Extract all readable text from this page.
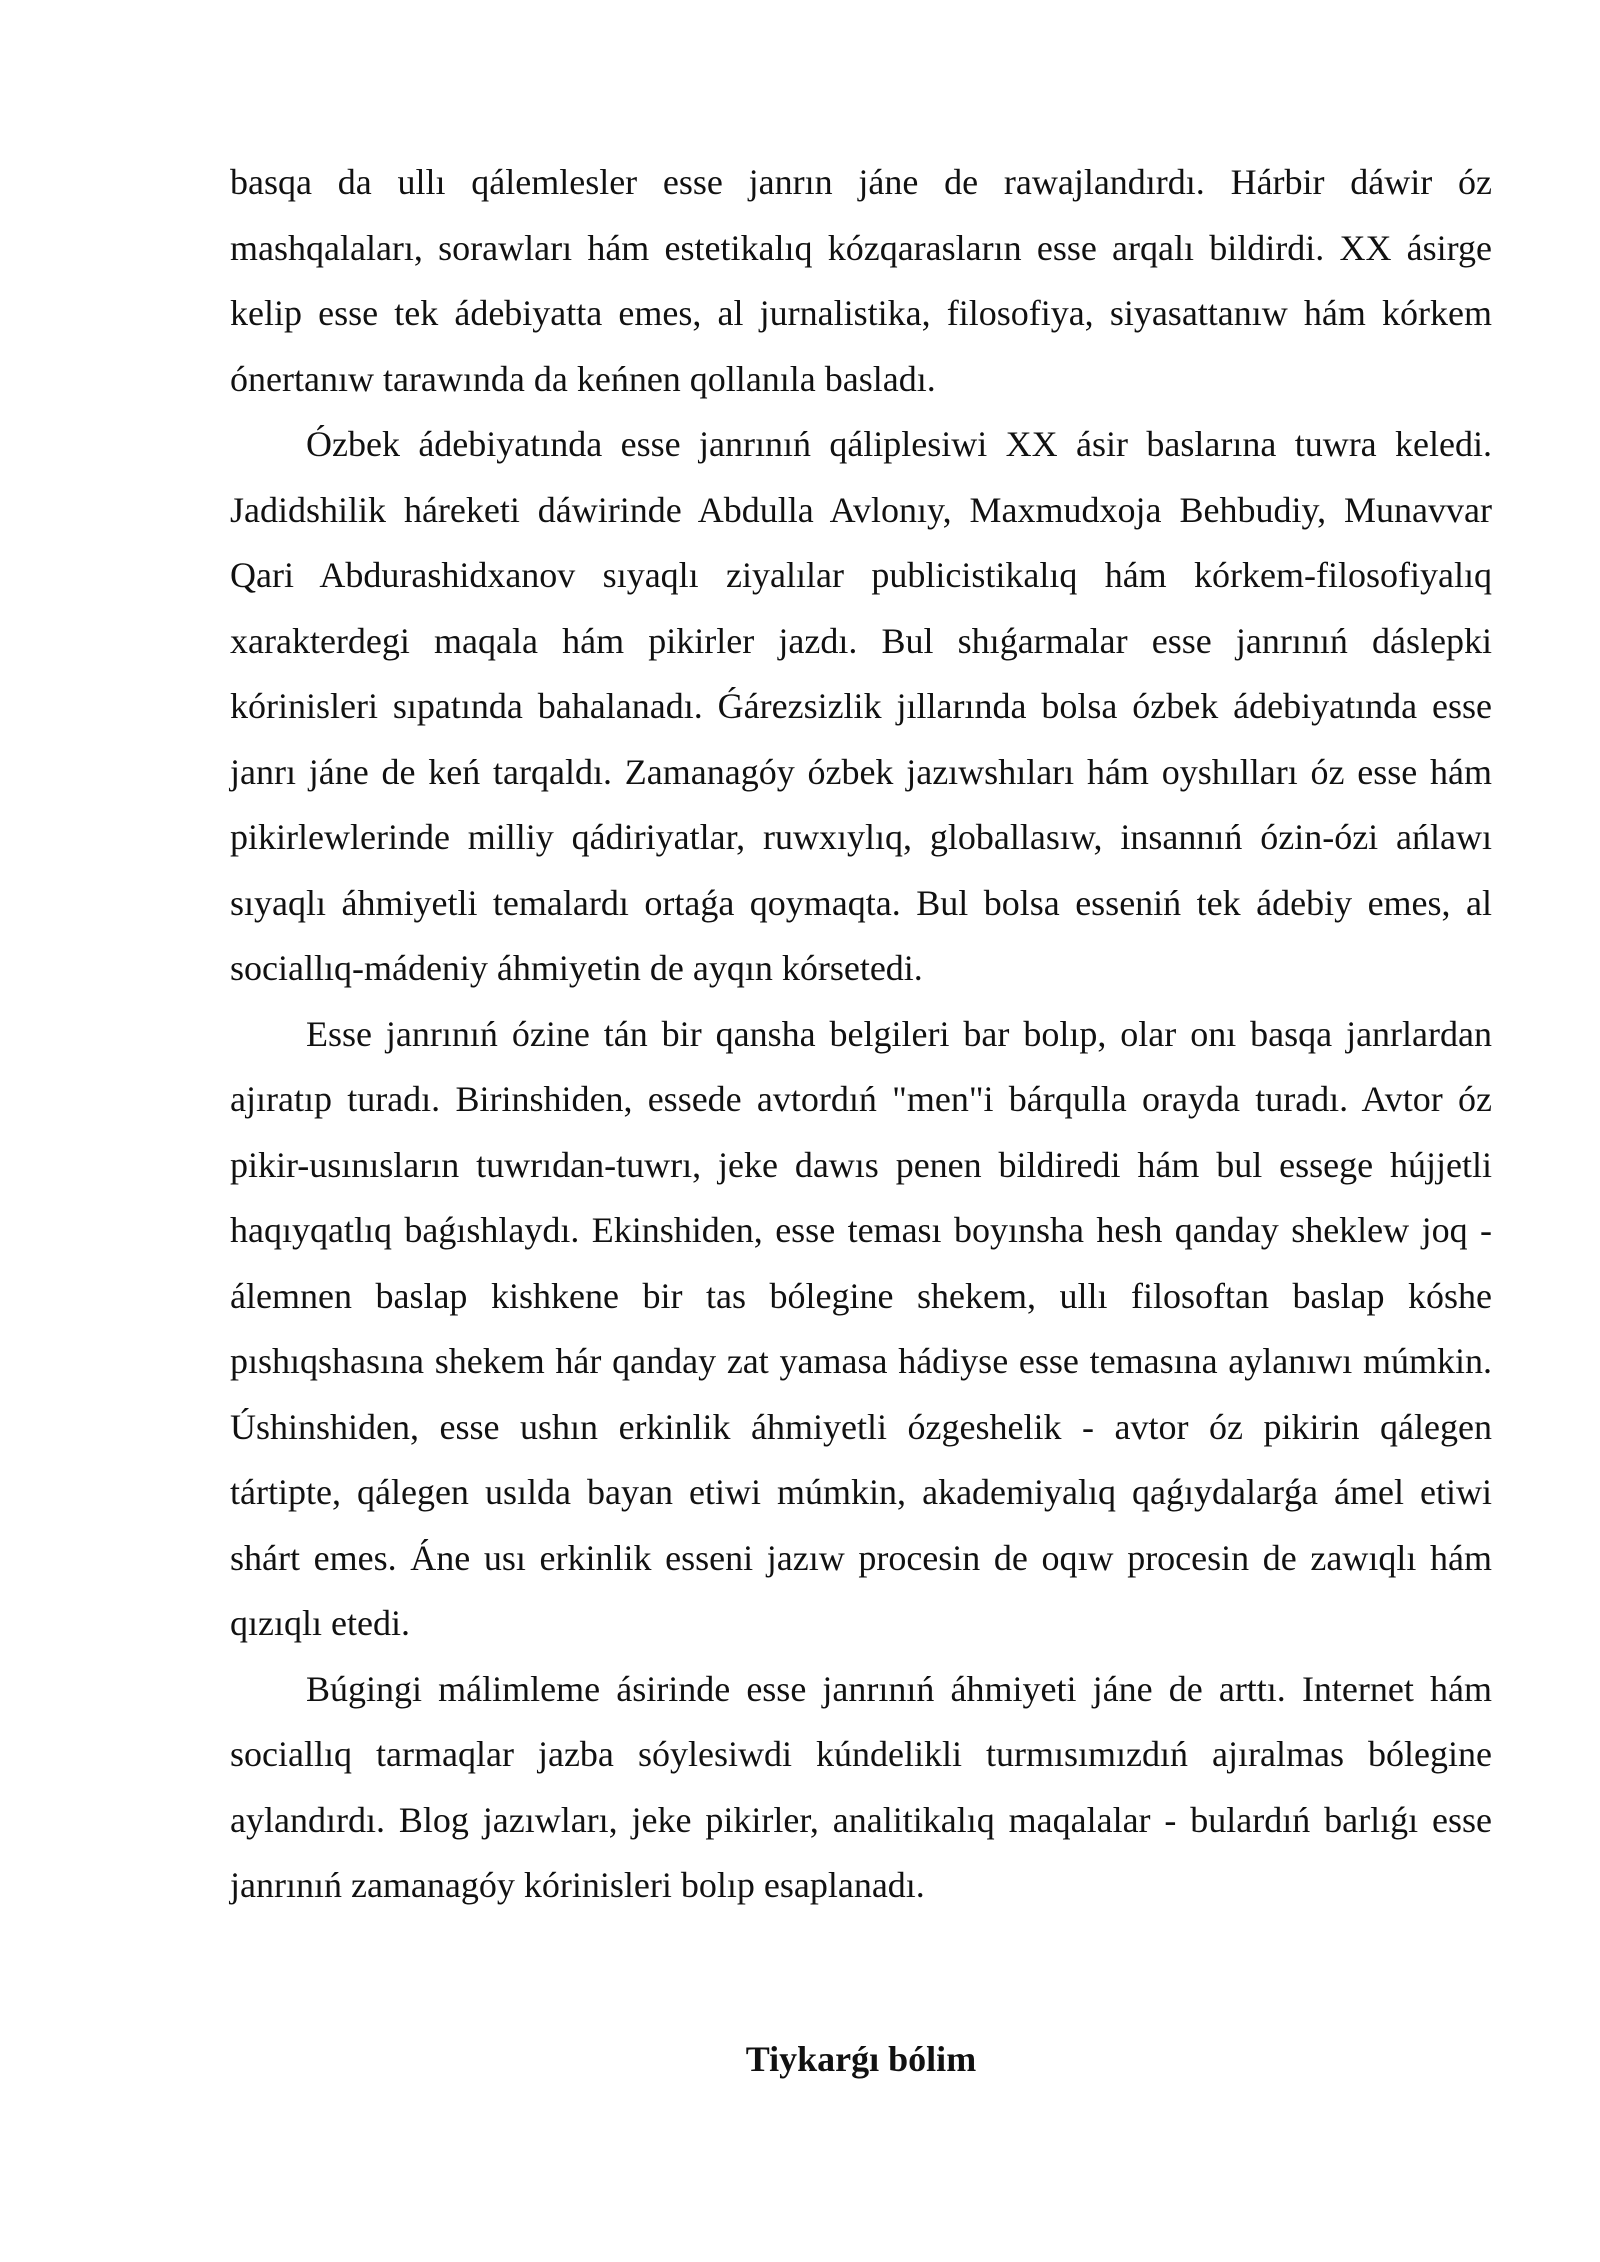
basqa da ullı qálemlesler esse janrın jáne de rawajlandırdı. Hárbir dáwir óz mashqalaları, sorawları hám estetikalıq kózqarasların esse arqalı bildirdi. XX ásirge kelip esse tek ádebiyatta emes, al jurnalistika, filosofiya, siyasattanıw hám kórkem ónertanıw tarawında da keńnen qollanıla basladı.

Ózbek ádebiyatında esse janrınıń qáliplesiwi XX ásir baslarına tuwra keledi. Jadidshilik háreketi dáwirinde Abdulla Avlonıy, Maxmudxoja Behbudiy, Munavvar Qari Abdurashidxanov sıyaqlı ziyalılar publicistikalıq hám kórkem-filosofiyalıq xarakterdegi maqala hám pikirler jazdı. Bul shıǵarmalar esse janrınıń dáslepki kórinisleri sıpatında bahalanadı. Ǵárezsizlik jıllarında bolsa ózbek ádebiyatında esse janrı jáne de keń tarqaldı. Zamanagóy ózbek jazıwshıları hám oyshılları óz esse hám pikirlewlerinde milliy qádiriyatlar, ruwxıylıq, globallasıw, insannıń ózin-ózi ańlawı sıyaqlı áhmiyetli temalardı ortaǵa qoymaqta. Bul bolsa esseniń tek ádebiy emes, al sociallıq-mádeniy áhmiyetin de ayqın kórsetedi.

Esse janrınıń ózine tán bir qansha belgileri bar bolıp, olar onı basqa janrlardan ajıratıp turadı. Birinshiden, essede avtordıń "men"i bárqulla orayda turadı. Avtor óz pikir-usınısların tuwrıdan-tuwrı, jeke dawıs penen bildiredi hám bul essege hújjetli haqıyqatlıq baǵıshlaydı. Ekinshiden, esse teması boyınsha hesh qanday sheklew joq - álemnen baslap kishkene bir tas bólegine shekem, ullı filosoftan baslap kóshe pıshıqshasına shekem hár qanday zat yamasa hádiyse esse temasına aylanıwı múmkin. Úshinshiden, esse ushın erkinlik áhmiyetli ózgeshelik - avtor óz pikirin qálegen tártipte, qálegen usılda bayan etiwi múmkin, akademiyalıq qaǵıydalarǵa ámel etiwi shárt emes. Áne usı erkinlik esseni jazıw procesin de oqıw procesin de zawıqlı hám qızıqlı etedi.

Búgingi málimleme ásirinde esse janrınıń áhmiyeti jáne de arttı. Internet hám sociallıq tarmaqlar jazba sóylesiwdi kúndelikli turmısımızdıń ajıralmas bólegine aylandırdı. Blog jazıwları, jeke pikirler, analitikalıq maqalalar - bulardıń barlıǵı esse janrınıń zamanagóy kórinisleri bolıp esaplanadı.

Tiykarǵı bólim
